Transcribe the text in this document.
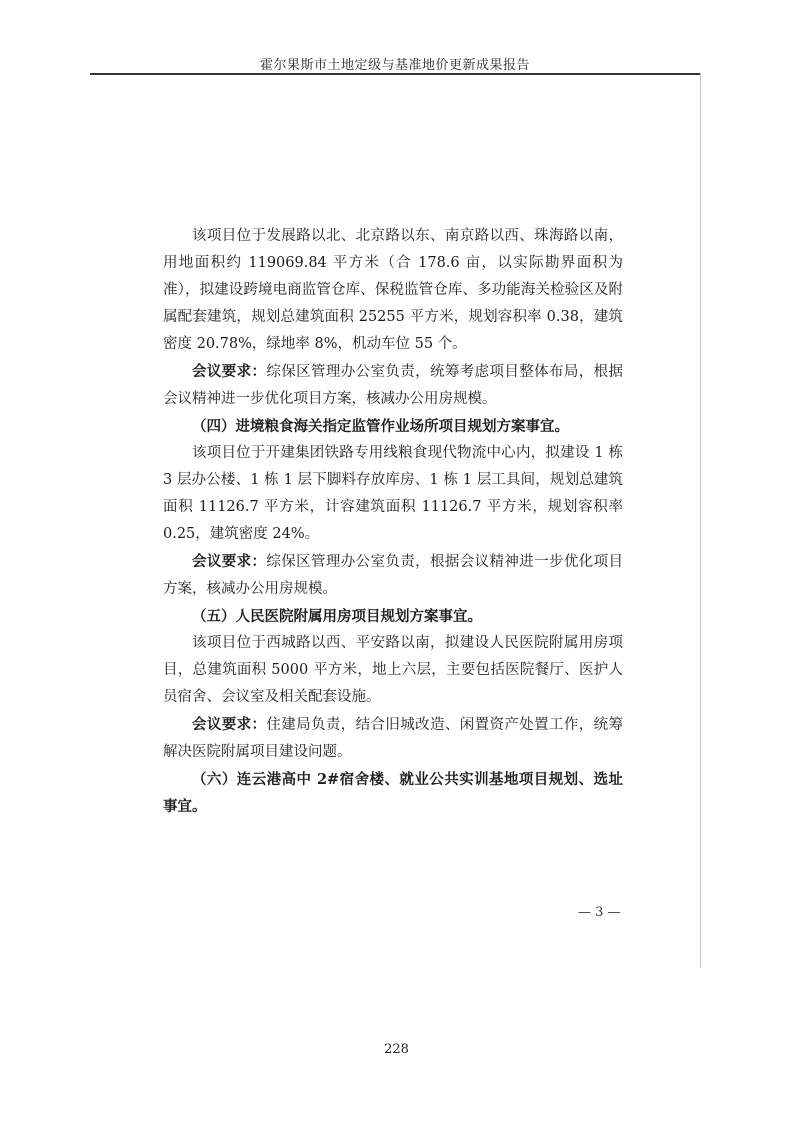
霍尔果斯市土地定级与基准地价更新成果报告

该项目位于发展路以北、北京路以东、南京路以西、珠海路以南，用地面积约 119069.84 平方米（合 178.6 亩，以实际勘界面积为准），拟建设跨境电商监管仓库、保税监管仓库、多功能海关检验区及附属配套建筑，规划总建筑面积 25255 平方米，规划容积率 0.38，建筑密度 20.78%，绿地率 8%，机动车位 55 个。

会议要求：综保区管理办公室负责，统筹考虑项目整体布局，根据会议精神进一步优化项目方案，核减办公用房规模。

（四）进境粮食海关指定监管作业场所项目规划方案事宜。

该项目位于开建集团铁路专用线粮食现代物流中心内，拟建设 1 栋 3 层办公楼、1 栋 1 层下脚料存放库房、1 栋 1 层工具间，规划总建筑面积 11126.7 平方米，计容建筑面积 11126.7 平方米，规划容积率 0.25，建筑密度 24%。

会议要求：综保区管理办公室负责，根据会议精神进一步优化项目方案，核减办公用房规模。

（五）人民医院附属用房项目规划方案事宜。

该项目位于西城路以西、平安路以南，拟建设人民医院附属用房项目，总建筑面积 5000 平方米，地上六层，主要包括医院餐厅、医护人员宿舍、会议室及相关配套设施。

会议要求：住建局负责，结合旧城改造、闲置资产处置工作，统筹解决医院附属项目建设问题。

（六）连云港高中 2#宿舍楼、就业公共实训基地项目规划、选址事宜。

— 3 —
228
